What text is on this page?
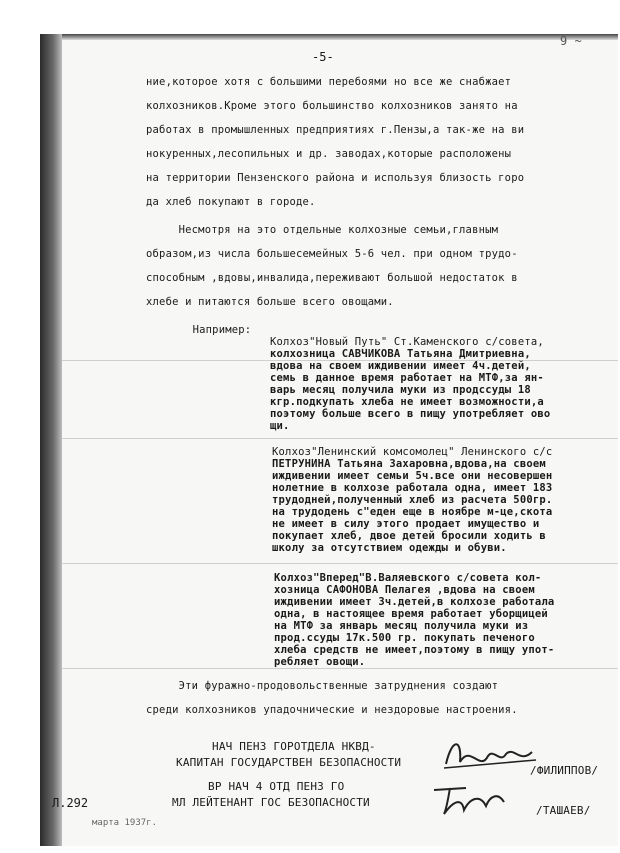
9 ~
-5-
ние,которое хотя с большими перебоями но все же снабжает
колхозников.Кроме этого большинство колхозников занято на
работах в промышленных предприятиях г.Пензы,а так-же на ви
нокуренных,лесопильных и др. заводах,которые расположены
на территории Пензенского района и используя близость горо
да хлеб покупают в городе.
Несмотря на это отдельные колхозные семьи,главным
образом,из числа большесемейных 5-6 чел. при одном трудо-
способным ,вдовы,инвалида,переживают большой недостаток в
хлебе и питаются больше всего овощами.
Например:
Колхоз"Новый Путь" Ст.Каменского с/совета,
колхозница САВЧИКОВА Татьяна Дмитриевна,
вдова на своем иждивении имеет 4ч.детей,
семь в данное время работает на МТФ,за ян-
варь месяц получила муки из продссуды 18
кгр.подкупать хлеба не имеет возможности,а
поэтому больше всего в пищу употребляет ово
щи.
Колхоз"Ленинский комсомолец" Ленинского с/с
ПЕТРУНИНА Татьяна Захаровна,вдова,на своем
иждивении имеет семьи 5ч.все они несовершен
нолетние в колхозе работала одна, имеет 183
трудодней,полученный хлеб из расчета 500гр.
на трудодень с"еден еще в ноябре м-це,скота
не имеет в силу этого продает имущество и
покупает хлеб, двое детей бросили ходить в
школу за отсутствием одежды и обуви.
Колхоз"Вперед"В.Валяевского с/совета кол-
хозница САФОНОВА Пелагея ,вдова на своем
иждивении имеет 3ч.детей,в колхозе работала
одна, в настоящее время работает уборщицей
на МТФ за январь месяц получила муки из
прод.ссуды 17к.500 гр. покупать печеного
хлеба средств не имеет,поэтому в пищу упот-
ребляет овощи.
Эти фуражно-продовольственные затруднения создают
среди колхозников упадочнические и нездоровые настроения.
НАЧ ПЕНЗ ГОРОТДЕЛА НКВД-
КАПИТАН ГОСУДАРСТВЕН БЕЗОПАСНОСТИ
/ФИЛИППОВ/
ВР НАЧ 4 ОТД ПЕНЗ ГО
МЛ ЛЕЙТЕНАНТ ГОС БЕЗОПАСНОСТИ
/ТАШАЕВ/
Л.292
марта 1937г.
